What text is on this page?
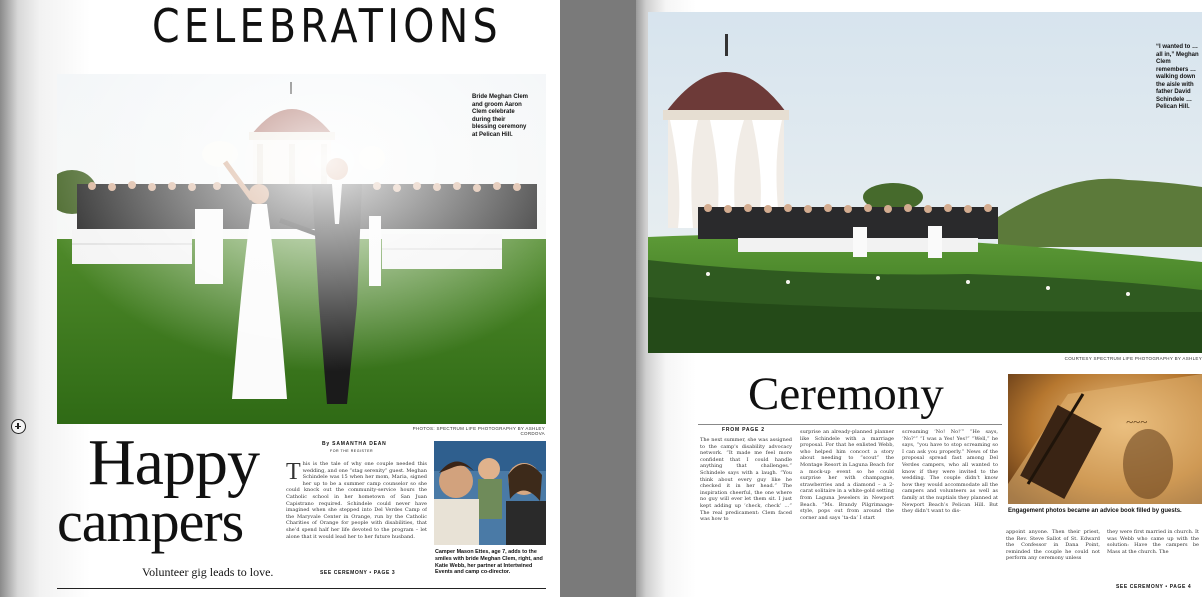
CELEBRATIONS
Bride Meghan Clem and groom Aaron Clem celebrate during their blessing ceremony at Pelican Hill.
PHOTOS: SPECTRUM LIFE PHOTOGRAPHY BY ASHLEY CORDOVA
Happy
campers
Volunteer gig leads to love.
By SAMANTHA DEAN
FOR THE REGISTER
This is the tale of why one couple needed this wedding, and one “stag serenity” guest. Meghan Schindele was 15 when her mom, Maria, signed her up to be a summer camp counselor so she could knock out the community-service hours the Catholic school in her hometown of San Juan Capistrano required. Schindele could never have imagined when she stepped into Del Verdes Camp of the Maryvale Center in Orange, run by the Catholic Charities of Orange for people with disabilities, that she’d spend half her life devoted to the program – let alone that it would lead her to her future husband.
SEE CEREMONY • PAGE 3
Camper Mason Ettes, age 7, adds to the smiles with bride Meghan Clem, right, and Katie Webb, her partner at Intertwined Events and camp co-director.
“I wanted to … all in,” Meghan Clem remembers … walking down the aisle with father David Schindele … Pelican Hill.
COURTESY SPECTRUM LIFE PHOTOGRAPHY BY ASHLEY
Ceremony
FROM PAGE 2
The next summer, she was assigned to the camp's disability advocacy network. “It made me feel more confident that I could handle anything that challenges.” Schindele says with a laugh. “You think about every guy like he checked it in her head.” The inspiration cheerful, the one where no guy will ever let them sit. I just kept adding up ‘check, check’ …” The real predicament: Clem faced was how to
surprise an already-planned planner like Schindele with a marriage proposal. For that he enlisted Webb, who helped him concoct a story about needing to “scout” the Montage Resort in Laguna Beach for a mock-up event so he could surprise her with champagne, strawberries and a diamond – a 2-carat solitaire in a white-gold setting from Laguna Jewelers in Newport Beach. “Ms. Brandy Pilgrimaage-style, pops out from around the corner and says ‘ta-da’ I start
screaming ‘No! No!’” “He says, ‘No?’” “I was a Yes! Yes!” “Well,” he says, “you have to stop screaming so I can ask you properly.” News of the proposal spread fast among Del Verdes campers, who all wanted to know if they were invited to the wedding. The couple didn’t know how they would accommodate all the campers and volunteers as well as family at the nuptials they planned at Newport Beach’s Pelican Hill. But they didn’t want to dis-
~~~
Engagement photos became an advice book filled by guests.
appoint anyone. Then their priest, the Rev. Steve Sallot of St. Edward the Confessor in Dana Point, reminded the couple he could not perform any ceremony unless
they were first married in church. It was Webb who came up with the solution: Have the campers be Mass at the church. The
SEE CEREMONY • PAGE 4
